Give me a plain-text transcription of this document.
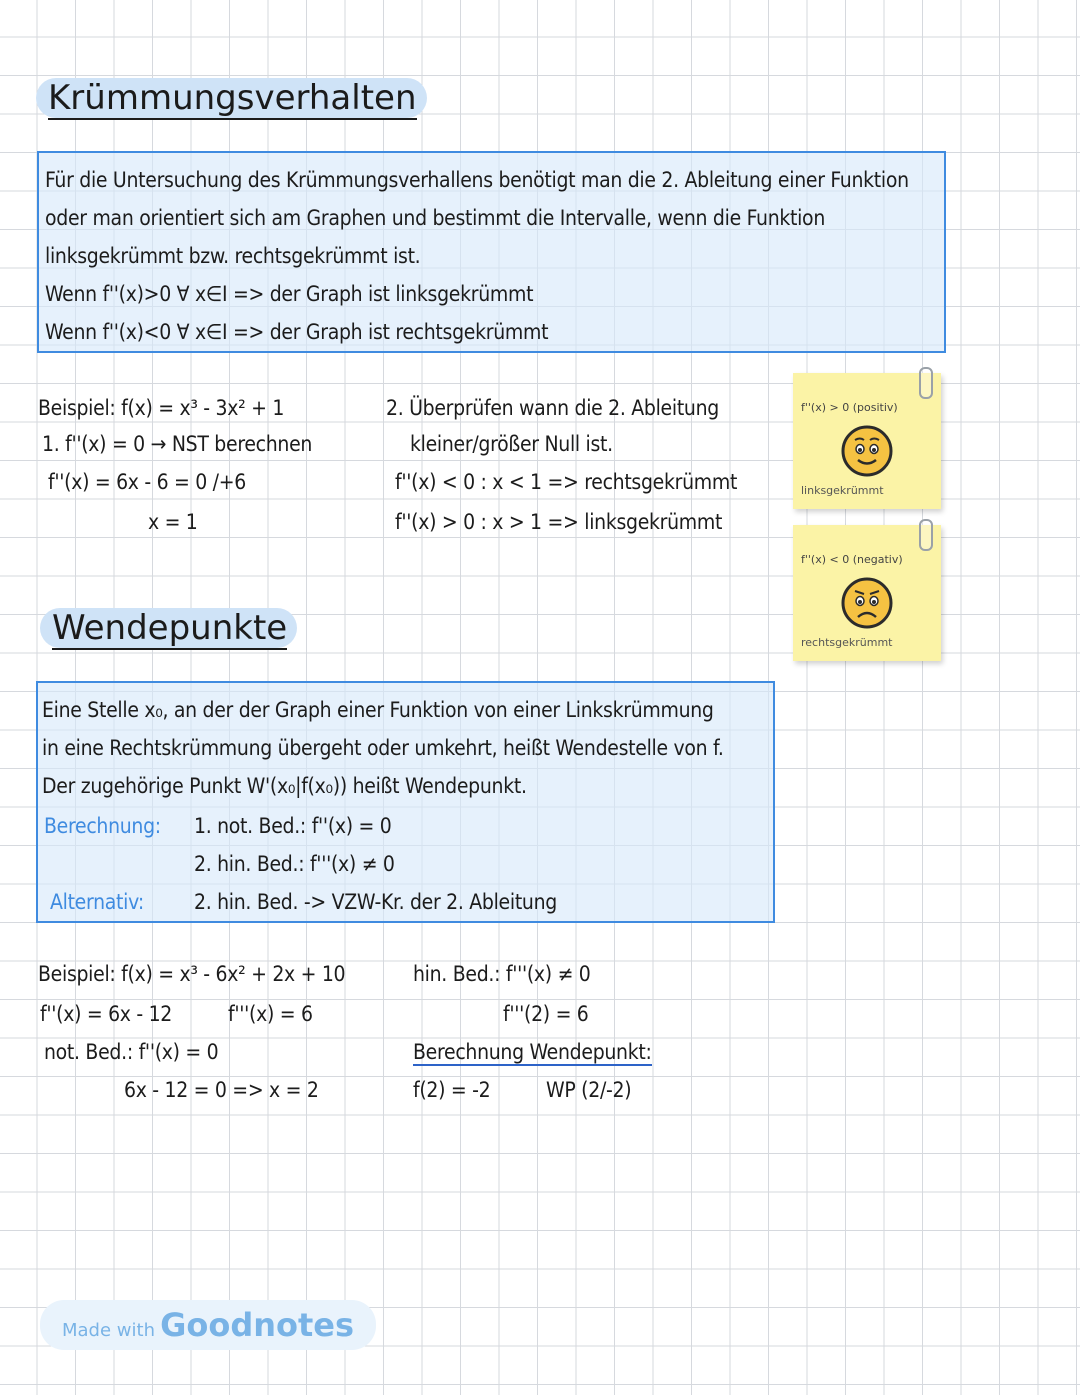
Krümmungsverhalten
Für die Untersuchung des Krümmungsverhallens benötigt man die 2. Ableitung einer Funktion
oder man orientiert sich am Graphen und bestimmt die Intervalle, wenn die Funktion
linksgekrümmt bzw. rechtsgekrümmt ist.
Wenn f''(x)>0 ∀ x∈I => der Graph ist linksgekrümmt
Wenn f''(x)<0 ∀ x∈I => der Graph ist rechtsgekrümmt
Beispiel: f(x) = x³ - 3x² + 1
1. f''(x) = 0 → NST berechnen
f''(x) = 6x - 6 = 0 /+6
x = 1
2. Überprüfen wann die 2. Ableitung
kleiner/größer Null ist.
f''(x) < 0 : x < 1 => rechtsgekrümmt
f''(x) > 0 : x > 1 => linksgekrümmt
f''(x) > 0 (positiv)
linksgekrümmt
f''(x) < 0 (negativ)
rechtsgekrümmt
Wendepunkte
Eine Stelle x₀, an der der Graph einer Funktion von einer Linkskrümmung
in eine Rechtskrümmung übergeht oder umkehrt, heißt Wendestelle von f.
Der zugehörige Punkt W'(x₀|f(x₀)) heißt Wendepunkt.
Berechnung: 1. not. Bed.: f''(x) = 0
2. hin. Bed.: f'''(x) ≠ 0
Alternativ: 2. hin. Bed. -> VZW-Kr. der 2. Ableitung
Beispiel: f(x) = x³ - 6x² + 2x + 10
f''(x) = 6x - 12	f'''(x) = 6
not. Bed.: f''(x) = 0
6x - 12 = 0 => x = 2
hin. Bed.: f'''(x) ≠ 0
f'''(2) = 6
Berechnung Wendepunkt:
f(2) = -2	WP (2/-2)
Made with Goodnotes
